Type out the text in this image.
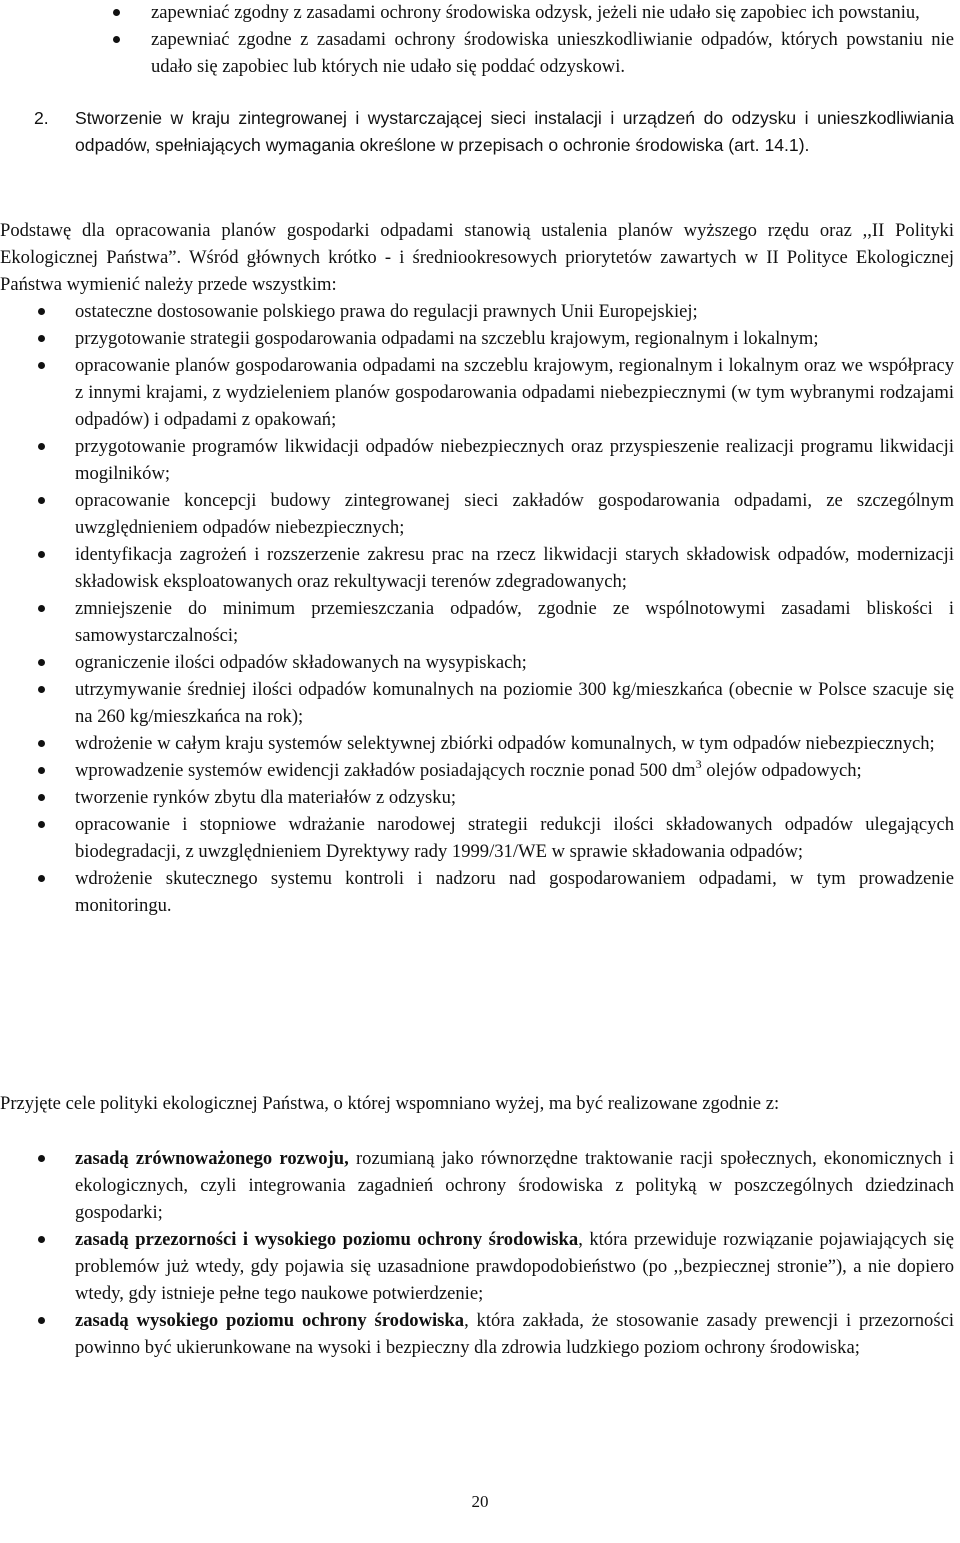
zapewniać zgodny z zasadami ochrony środowiska odzysk, jeżeli nie udało się zapobiec ich powstaniu,
zapewniać zgodne z zasadami ochrony środowiska unieszkodliwianie odpadów, których powstaniu nie udało się zapobiec lub których nie udało się poddać odzyskowi.
2. Stworzenie w kraju zintegrowanej i wystarczającej sieci instalacji i urządzeń do odzysku i unieszkodliwiania odpadów, spełniających wymagania określone w przepisach o ochronie środowiska (art. 14.1).
Podstawę dla opracowania planów gospodarki odpadami stanowią ustalenia planów wyższego rzędu oraz ,,II Polityki Ekologicznej Państwa”. Wśród głównych krótko - i średniookresowych priorytetów zawartych w II Polityce Ekologicznej Państwa wymienić należy przede wszystkim:
ostateczne dostosowanie polskiego prawa do regulacji prawnych Unii Europejskiej;
przygotowanie strategii gospodarowania odpadami na szczeblu krajowym, regionalnym i lokalnym;
opracowanie planów gospodarowania odpadami na szczeblu krajowym, regionalnym i lokalnym oraz we współpracy z innymi krajami, z wydzieleniem planów gospodarowania odpadami niebezpiecznymi (w tym wybranymi rodzajami odpadów) i odpadami z opakowań;
przygotowanie programów likwidacji odpadów niebezpiecznych oraz przyspieszenie realizacji programu likwidacji mogilników;
opracowanie koncepcji budowy zintegrowanej sieci zakładów gospodarowania odpadami, ze szczególnym uwzględnieniem odpadów niebezpiecznych;
identyfikacja zagrożeń i rozszerzenie zakresu prac na rzecz likwidacji starych składowisk odpadów, modernizacji składowisk eksploatowanych oraz rekultywacji terenów zdegradowanych;
zmniejszenie do minimum przemieszczania odpadów, zgodnie ze wspólnotowymi zasadami bliskości i samowystarczalności;
ograniczenie ilości odpadów składowanych na wysypiskach;
utrzymywanie średniej ilości odpadów komunalnych na poziomie 300 kg/mieszkańca (obecnie w Polsce szacuje się na 260 kg/mieszkańca na rok);
wdrożenie w całym kraju systemów selektywnej zbiórki odpadów komunalnych, w tym odpadów niebezpiecznych;
wprowadzenie systemów ewidencji zakładów posiadających rocznie ponad 500 $dm^3$ olejów odpadowych;
tworzenie rynków zbytu dla materiałów z odzysku;
opracowanie i stopniowe wdrażanie narodowej strategii redukcji ilości składowanych odpadów ulegających biodegradacji, z uwzględnieniem Dyrektywy rady 1999/31/WE w sprawie składowania odpadów;
wdrożenie skutecznego systemu kontroli i nadzoru nad gospodarowaniem odpadami, w tym prowadzenie monitoringu.
Przyjęte cele polityki ekologicznej Państwa, o której wspomniano wyżej, ma być realizowane zgodnie z:
zasadą zrównoważonego rozwoju, rozumianą jako równorzędne traktowanie racji społecznych, ekonomicznych i ekologicznych, czyli integrowania zagadnień ochrony środowiska z polityką w poszczególnych dziedzinach gospodarki;
zasadą przezorności i wysokiego poziomu ochrony środowiska, która przewiduje rozwiązanie pojawiających się problemów już wtedy, gdy pojawia się uzasadnione prawdopodobieństwo (po ,,bezpiecznej stronie”), a nie dopiero wtedy, gdy istnieje pełne tego naukowe potwierdzenie;
zasadą wysokiego poziomu ochrony środowiska, która zakłada, że stosowanie zasady prewencji i przezorności powinno być ukierunkowane na wysoki i bezpieczny dla zdrowia ludzkiego poziom ochrony środowiska;
20
